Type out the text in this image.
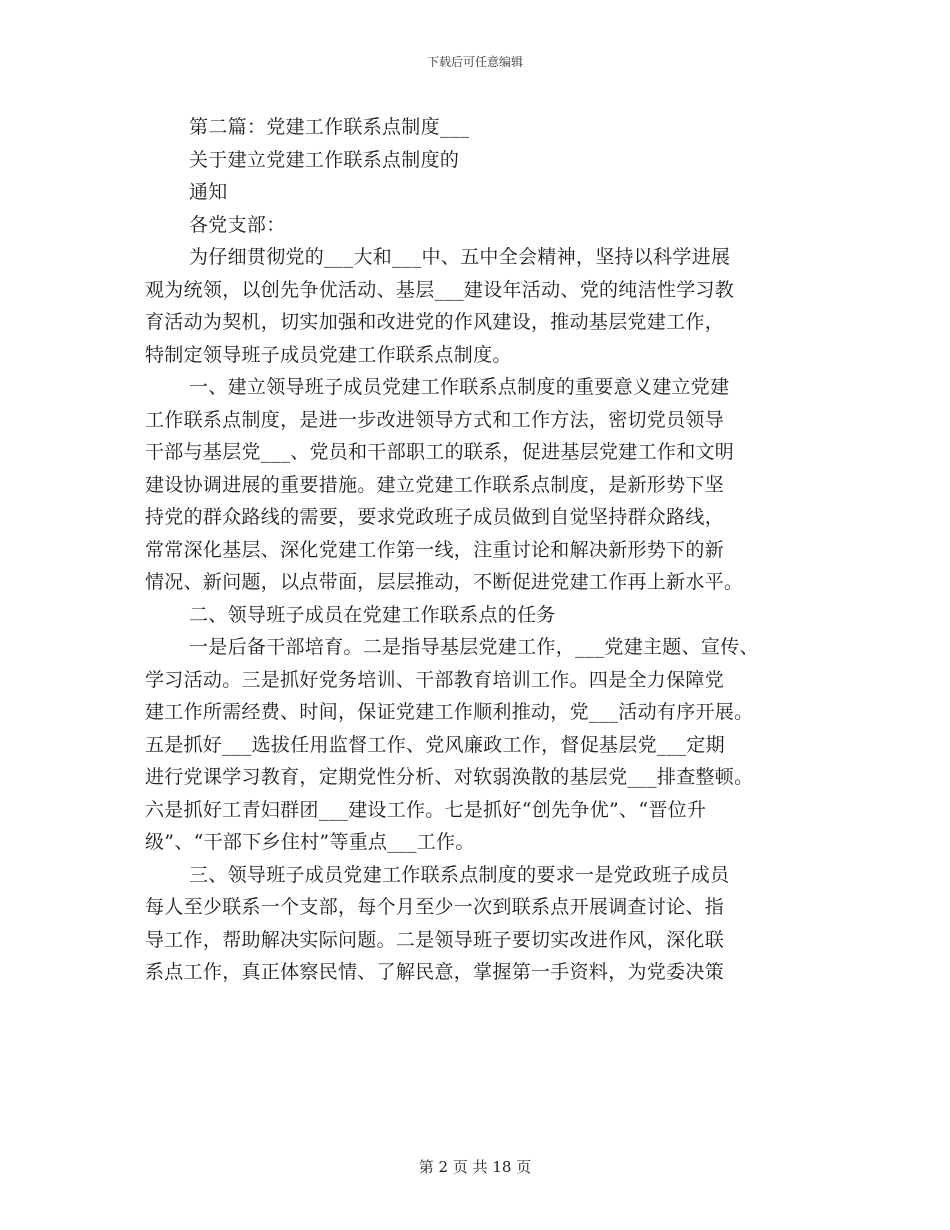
下载后可任意编辑
第二篇：党建工作联系点制度___
关于建立党建工作联系点制度的
通知
各党支部：
为仔细贯彻党的___大和___中、五中全会精神，坚持以科学进展
观为统领，以创先争优活动、基层___建设年活动、党的纯洁性学习教
育活动为契机，切实加强和改进党的作风建设，推动基层党建工作，
特制定领导班子成员党建工作联系点制度。
一、建立领导班子成员党建工作联系点制度的重要意义建立党建
工作联系点制度，是进一步改进领导方式和工作方法，密切党员领导
干部与基层党___、党员和干部职工的联系，促进基层党建工作和文明
建设协调进展的重要措施。建立党建工作联系点制度，是新形势下坚
持党的群众路线的需要，要求党政班子成员做到自觉坚持群众路线，
常常深化基层、深化党建工作第一线，注重讨论和解决新形势下的新
情况、新问题，以点带面，层层推动，不断促进党建工作再上新水平。
二、领导班子成员在党建工作联系点的任务
一是后备干部培育。二是指导基层党建工作，___党建主题、宣传、
学习活动。三是抓好党务培训、干部教育培训工作。四是全力保障党
建工作所需经费、时间，保证党建工作顺利推动，党___活动有序开展。
五是抓好___选拔任用监督工作、党风廉政工作，督促基层党___定期
进行党课学习教育，定期党性分析、对软弱涣散的基层党___排查整顿。
六是抓好工青妇群团___建设工作。七是抓好“创先争优”、“晋位升
级”、“干部下乡住村”等重点___工作。
三、领导班子成员党建工作联系点制度的要求一是党政班子成员
每人至少联系一个支部，每个月至少一次到联系点开展调查讨论、指
导工作，帮助解决实际问题。二是领导班子要切实改进作风，深化联
系点工作，真正体察民情、了解民意，掌握第一手资料，为党委决策
第 2 页 共 18 页
